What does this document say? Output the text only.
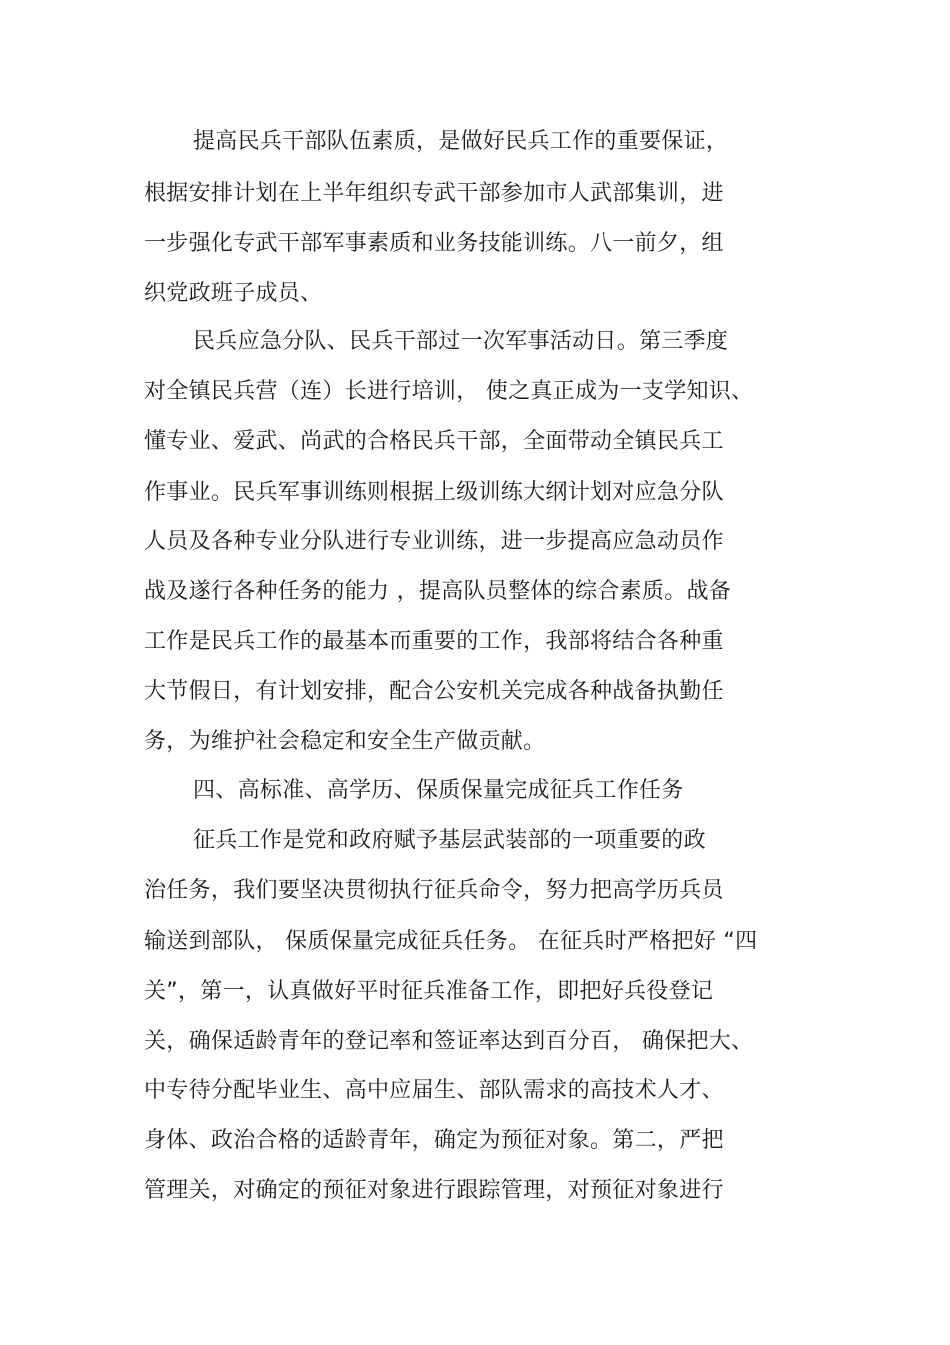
提高民兵干部队伍素质，是做好民兵工作的重要保证，
根据安排计划在上半年组织专武干部参加市人武部集训，进
一步强化专武干部军事素质和业务技能训练。八一前夕，组
织党政班子成员、
民兵应急分队、民兵干部过一次军事活动日。第三季度
对全镇民兵营（连）长进行培训， 使之真正成为一支学知识、
懂专业、爱武、尚武的合格民兵干部，全面带动全镇民兵工
作事业。民兵军事训练则根据上级训练大纲计划对应急分队
人员及各种专业分队进行专业训练，进一步提高应急动员作
战及遂行各种任务的能力 ，提高队员整体的综合素质。战备
工作是民兵工作的最基本而重要的工作，我部将结合各种重
大节假日，有计划安排，配合公安机关完成各种战备执勤任
务，为维护社会稳定和安全生产做贡献。
四、高标准、高学历、保质保量完成征兵工作任务
征兵工作是党和政府赋予基层武装部的一项重要的政
治任务，我们要坚决贯彻执行征兵命令，努力把高学历兵员
输送到部队， 保质保量完成征兵任务。 在征兵时严格把好 “四
关”，第一，认真做好平时征兵准备工作，即把好兵役登记
关，确保适龄青年的登记率和签证率达到百分百， 确保把大、
中专待分配毕业生、高中应届生、部队需求的高技术人才、
身体、政治合格的适龄青年，确定为预征对象。第二，严把
管理关，对确定的预征对象进行跟踪管理，对预征对象进行
